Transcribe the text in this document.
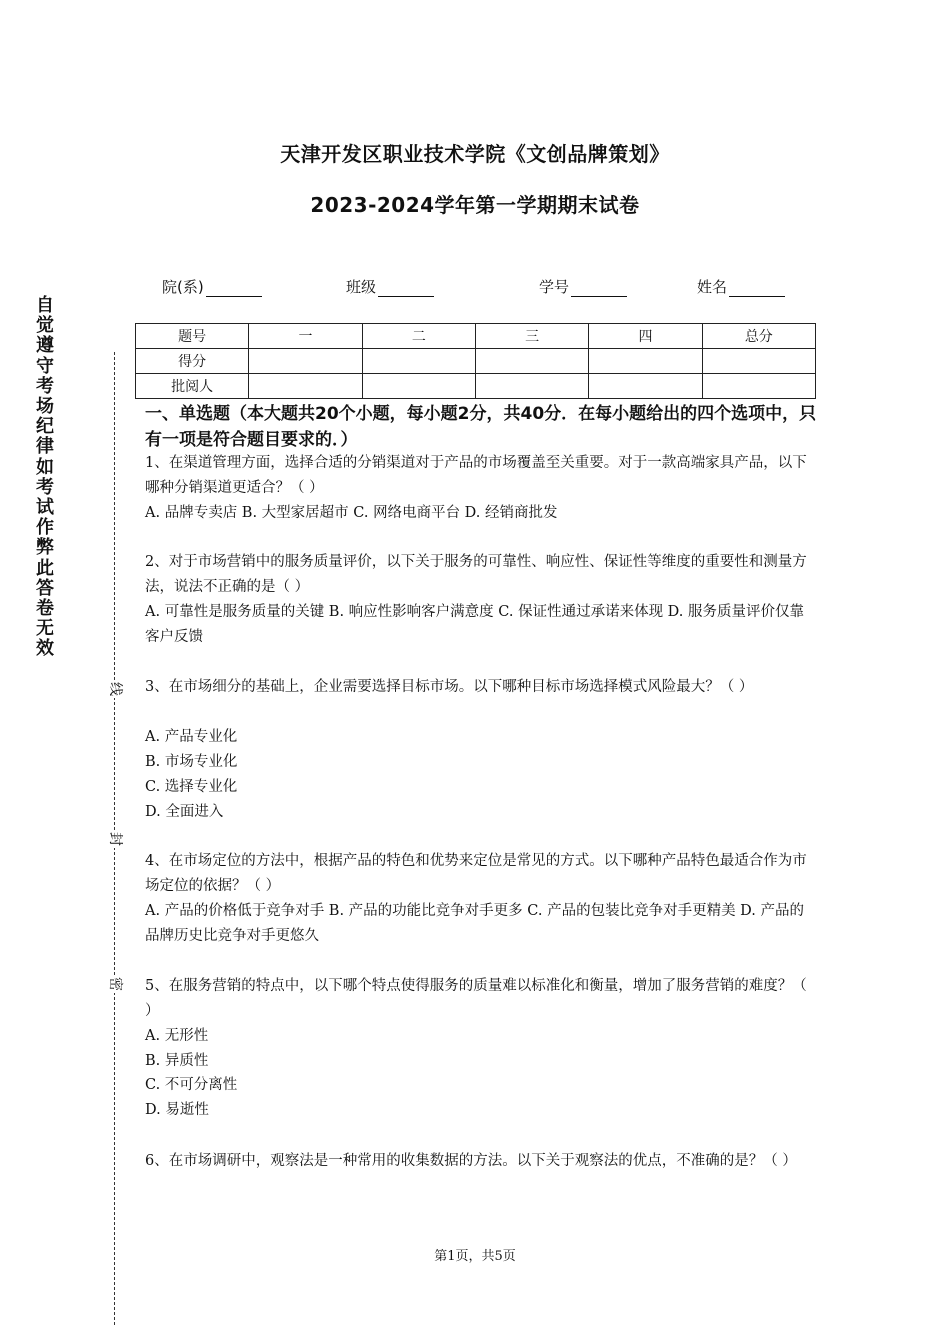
天津开发区职业技术学院《文创品牌策划》
2023-2024学年第一学期期末试卷
院(系)	班级	学号	姓名
题号	一	二	三	四	总分
得分					
批阅人					
自觉遵守考场纪律如考试作弊此答卷无效
线
封
密
一、单选题（本大题共20个小题，每小题2分，共40分．在每小题给出的四个选项中，只有一项是符合题目要求的．）
1、在渠道管理方面，选择合适的分销渠道对于产品的市场覆盖至关重要。对于一款高端家具产品，以下哪种分销渠道更适合？（ ）
A. 品牌专卖店 B. 大型家居超市 C. 网络电商平台 D. 经销商批发
2、对于市场营销中的服务质量评价，以下关于服务的可靠性、响应性、保证性等维度的重要性和测量方法，说法不正确的是（ ）
A. 可靠性是服务质量的关键 B. 响应性影响客户满意度 C. 保证性通过承诺来体现 D. 服务质量评价仅靠客户反馈
3、在市场细分的基础上，企业需要选择目标市场。以下哪种目标市场选择模式风险最大？（ ）
A. 产品专业化
B. 市场专业化
C. 选择专业化
D. 全面进入
4、在市场定位的方法中，根据产品的特色和优势来定位是常见的方式。以下哪种产品特色最适合作为市场定位的依据？（ ）
A. 产品的价格低于竞争对手 B. 产品的功能比竞争对手更多 C. 产品的包装比竞争对手更精美 D. 产品的品牌历史比竞争对手更悠久
5、在服务营销的特点中，以下哪个特点使得服务的质量难以标准化和衡量，增加了服务营销的难度？（ ）
A. 无形性
B. 异质性
C. 不可分离性
D. 易逝性
6、在市场调研中，观察法是一种常用的收集数据的方法。以下关于观察法的优点，不准确的是？（ ）
第1页，共5页
